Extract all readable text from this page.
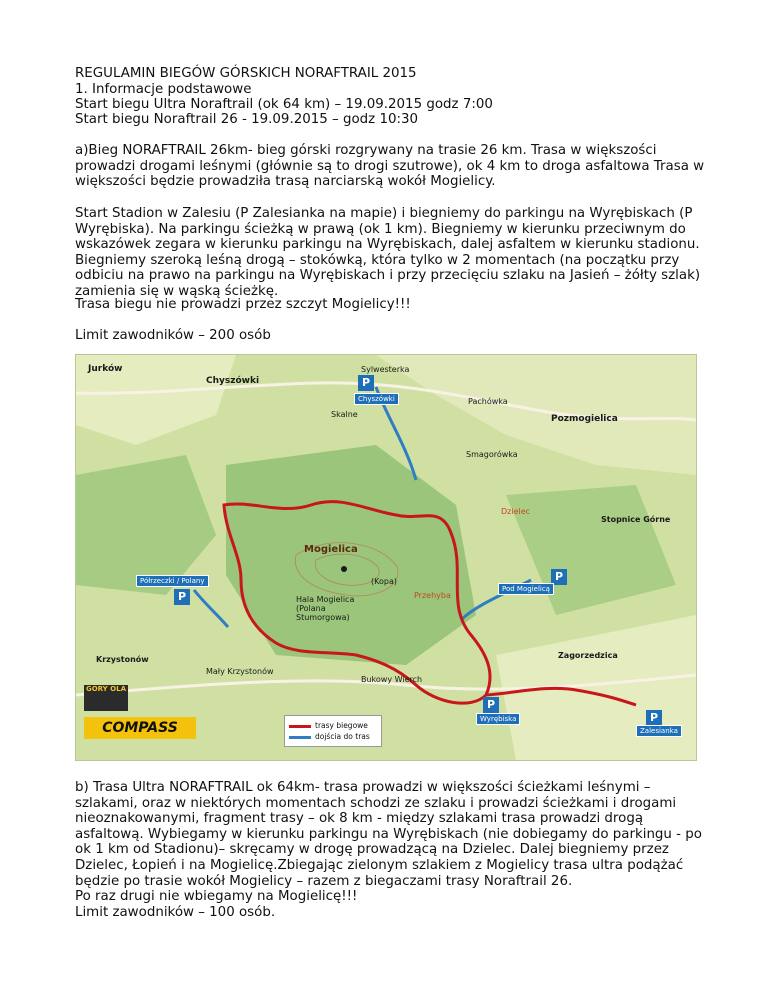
REGULAMIN BIEGÓW GÓRSKICH NORAFTRAIL 2015

1. Informacje podstawowe

Start biegu Ultra Noraftrail (ok 64 km) – 19.09.2015 godz 7:00

Start biegu Noraftrail 26 - 19.09.2015 – godz 10:30

a)Bieg NORAFTRAIL 26km- bieg górski rozgrywany na trasie 26 km. Trasa w większości prowadzi drogami leśnymi (głównie są to drogi szutrowe), ok 4 km to droga asfaltowa Trasa w większości będzie prowadziła trasą narciarską wokół Mogielicy.

Start Stadion w Zalesiu (P Zalesianka na mapie) i biegniemy do parkingu na Wyrębiskach (P Wyrębiska). Na parkingu ścieżką w prawą (ok 1 km). Biegniemy w kierunku przeciwnym do wskazówek zegara w kierunku parkingu na Wyrębiskach, dalej asfaltem w kierunku stadionu. Biegniemy szeroką leśną drogą – stokówką, która tylko w 2 momentach (na początku przy odbiciu na prawo na parkingu na Wyrębiskach i przy przecięciu szlaku na Jasień – żółty szlak) zamienia się w wąską ścieżkę.

Trasa biegu nie prowadzi przez szczyt Mogielicy!!!

Limit zawodników – 200 osób

Jurków
Chyszówki
Pozmogielica
Dzielec
Stopnice Górne
Mogielica
(Kopa)
Hala Mogielica (Polana Stumorgowa)
Przehyba
Krzystonów
Mały Krzystonów
Bukowy Wierch
Zagorzedzica
Skalne
Smagorówka
Pachówka
Sylwesterka
P
Chyszówki
Półrzeczki / Polany
P
P
Pod Mogielicą
P
Wyrębiska	P
Zalesianka
trasy biegowe
dojścia do tras
GORY OLA
COMPASS

b) Trasa Ultra NORAFTRAIL ok 64km- trasa prowadzi w większości ścieżkami leśnymi – szlakami, oraz w niektórych momentach schodzi ze szlaku i prowadzi ścieżkami i drogami nieoznakowanymi, fragment trasy – ok 8 km - między szlakami trasa prowadzi drogą asfaltową. Wybiegamy w kierunku parkingu na Wyrębiskach (nie dobiegamy do parkingu - po ok 1 km od Stadionu)– skręcamy w drogę prowadzącą na Dzielec. Dalej biegniemy przez Dzielec, Łopień i na Mogielicę.Zbiegając zielonym szlakiem z Mogielicy trasa ultra podążać będzie po trasie wokół Mogielicy – razem z biegaczami trasy Noraftrail 26.
Po raz drugi nie wbiegamy na Mogielicę!!!
Limit zawodników – 100 osób.
